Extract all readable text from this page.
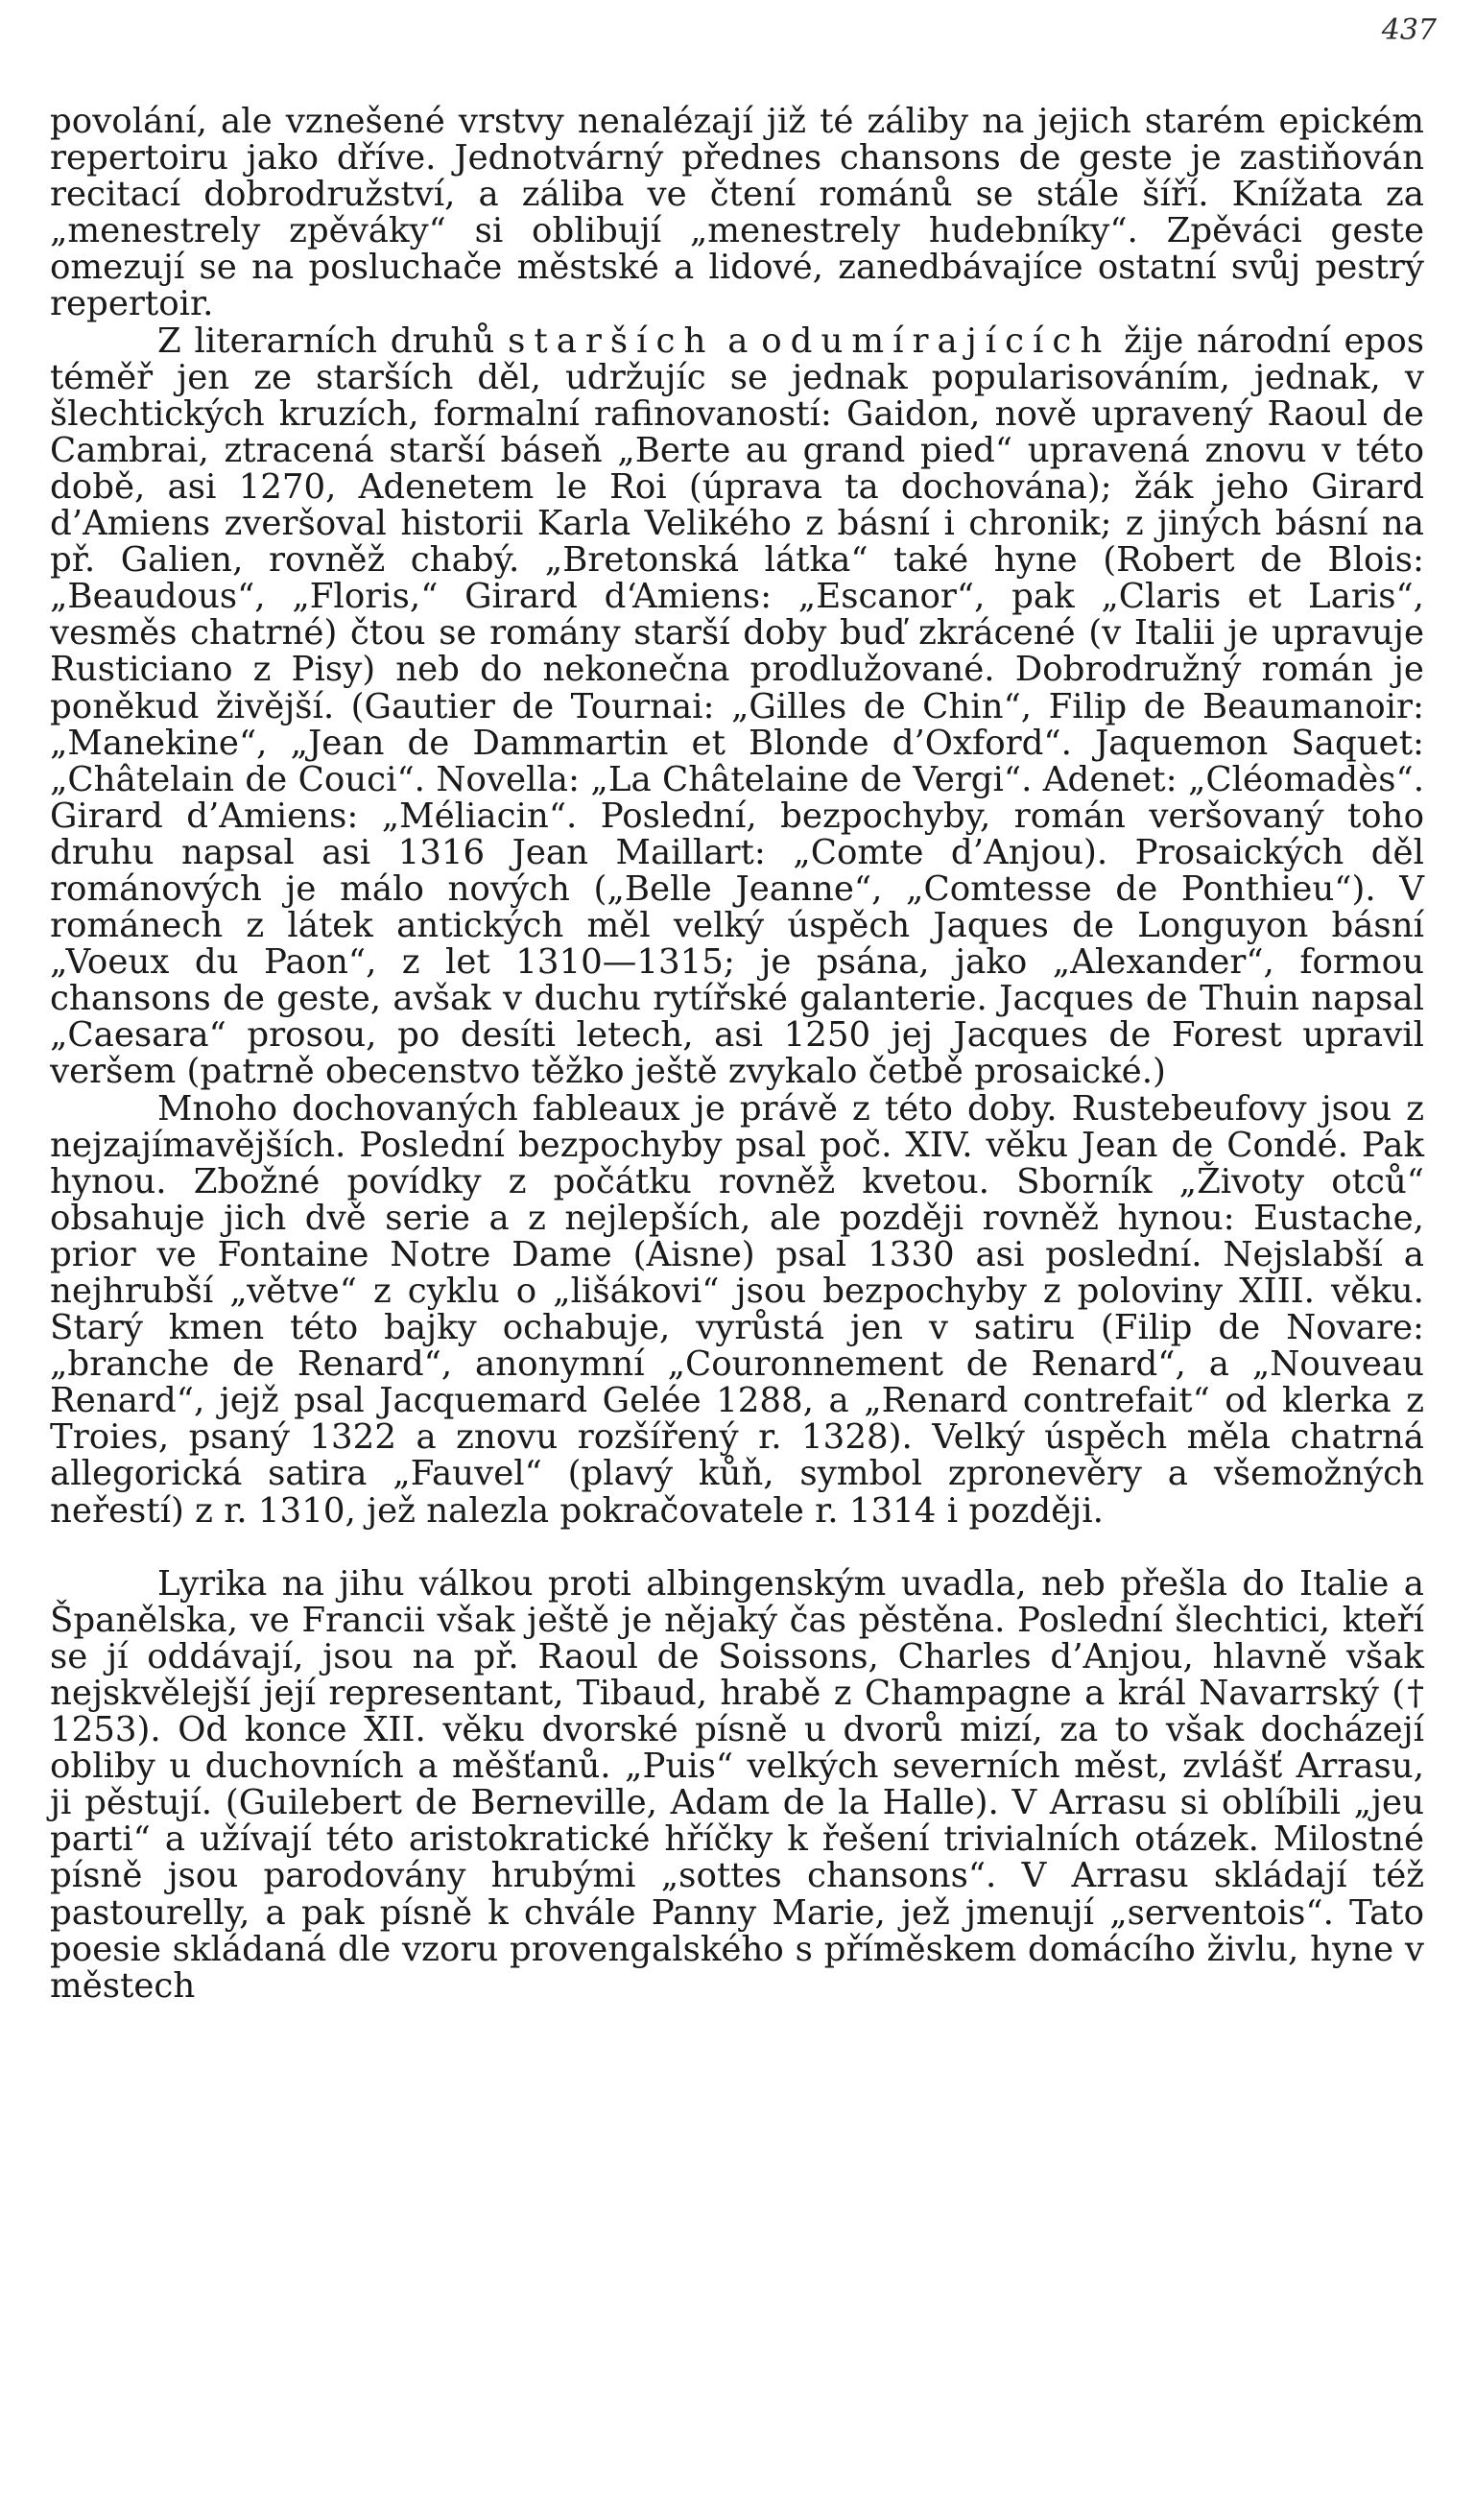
437

povolání, ale vznešené vrstvy nenalézají již té záliby na jejich starém epickém repertoiru jako dříve. Jednotvárný přednes chansons de geste je zastiňován recitací dobrodružství, a záliba ve čtení románů se stále šíří. Knížata za „menestrely zpěváky“ si oblibují „menestrely hudebníky“. Zpěváci geste omezují se na posluchače městské a lidové, zanedbávajíce ostatní svůj pestrý repertoir.

Z literarních druhů starších a odumírajících žije národní epos téměř jen ze starších děl, udržujíc se jednak popularisováním, jednak, v šlechtických kruzích, formalní rafinovaností: Gaidon, nově upravený Raoul de Cambrai, ztracená starší báseň „Berte au grand pied“ upravená znovu v této době, asi 1270, Adenetem le Roi (úprava ta dochována); žák jeho Girard d’Amiens zveršoval historii Karla Velikého z básní i chronik; z jiných básní na př. Galien, rovněž chabý. „Bretonská látka“ také hyne (Robert de Blois: „Beaudous“, „Floris,“ Girard d‘Amiens: „Escanor“, pak „Claris et Laris“, vesměs chatrné) čtou se romány starší doby buď zkrácené (v Italii je upravuje Rusticiano z Pisy) neb do nekonečna prodlužované. Dobrodružný román je poněkud živější. (Gautier de Tournai: „Gilles de Chin“, Filip de Beaumanoir: „Manekine“, „Jean de Dammartin et Blonde d’Oxford“. Jaquemon Saquet: „Châtelain de Couci“. Novella: „La Châtelaine de Vergi“. Adenet: „Cléomadès“. Girard d’Amiens: „Méliacin“. Poslední, bezpochyby, román veršovaný toho druhu napsal asi 1316 Jean Maillart: „Comte d’Anjou). Prosaických děl románových je málo nových („Belle Jeanne“, „Comtesse de Ponthieu“). V románech z látek antických měl velký úspěch Jaques de Longuyon básní „Voeux du Paon“, z let 1310—1315; je psána, jako „Alexander“, formou chansons de geste, avšak v duchu rytířské galanterie. Jacques de Thuin napsal „Caesara“ prosou, po desíti letech, asi 1250 jej Jacques de Forest upravil veršem (patrně obecenstvo těžko ještě zvykalo četbě prosaické.)

Mnoho dochovaných fableaux je právě z této doby. Rustebeufovy jsou z nejzajímavějších. Poslední bezpochyby psal poč. XIV. věku Jean de Condé. Pak hynou. Zbožné povídky z počátku rovněž kvetou. Sborník „Životy otců“ obsahuje jich dvě serie a z nejlepších, ale později rovněž hynou: Eustache, prior ve Fontaine Notre Dame (Aisne) psal 1330 asi poslední. Nejslabší a nejhrubší „větve“ z cyklu o „lišákovi“ jsou bezpochyby z poloviny XIII. věku. Starý kmen této bajky ochabuje, vyrůstá jen v satiru (Filip de Novare: „branche de Renard“, anonymní „Couronnement de Renard“, a „Nouveau Renard“, jejž psal Jacquemard Gelée 1288, a „Renard contrefait“ od klerka z Troies, psaný 1322 a znovu rozšířený r. 1328). Velký úspěch měla chatrná allegorická satira „Fauvel“ (plavý kůň, symbol zpronevěry a všemožných neřestí) z r. 1310, jež nalezla pokračovatele r. 1314 i později.

Lyrika na jihu válkou proti albingenským uvadla, neb přešla do Italie a Španělska, ve Francii však ještě je nějaký čas pěstěna. Poslední šlechtici, kteří se jí oddávají, jsou na př. Raoul de Soissons, Charles d’Anjou, hlavně však nejskvělejší její representant, Tibaud, hrabě z Champagne a král Navarrský († 1253). Od konce XII. věku dvorské písně u dvorů mizí, za to však docházejí obliby u duchovních a měšťanů. „Puis“ velkých severních měst, zvlášť Arrasu, ji pěstují. (Guilebert de Berneville, Adam de la Halle). V Arrasu si oblíbili „jeu parti“ a užívají této aristokratické hříčky k řešení trivialních otázek. Milostné písně jsou parodovány hrubými „sottes chansons“. V Arrasu skládají též pastourelly, a pak písně k chvále Panny Marie, jež jmenují „serventois“. Tato poesie skládaná dle vzoru provengalského s příměskem domácího živlu, hyne v městech
